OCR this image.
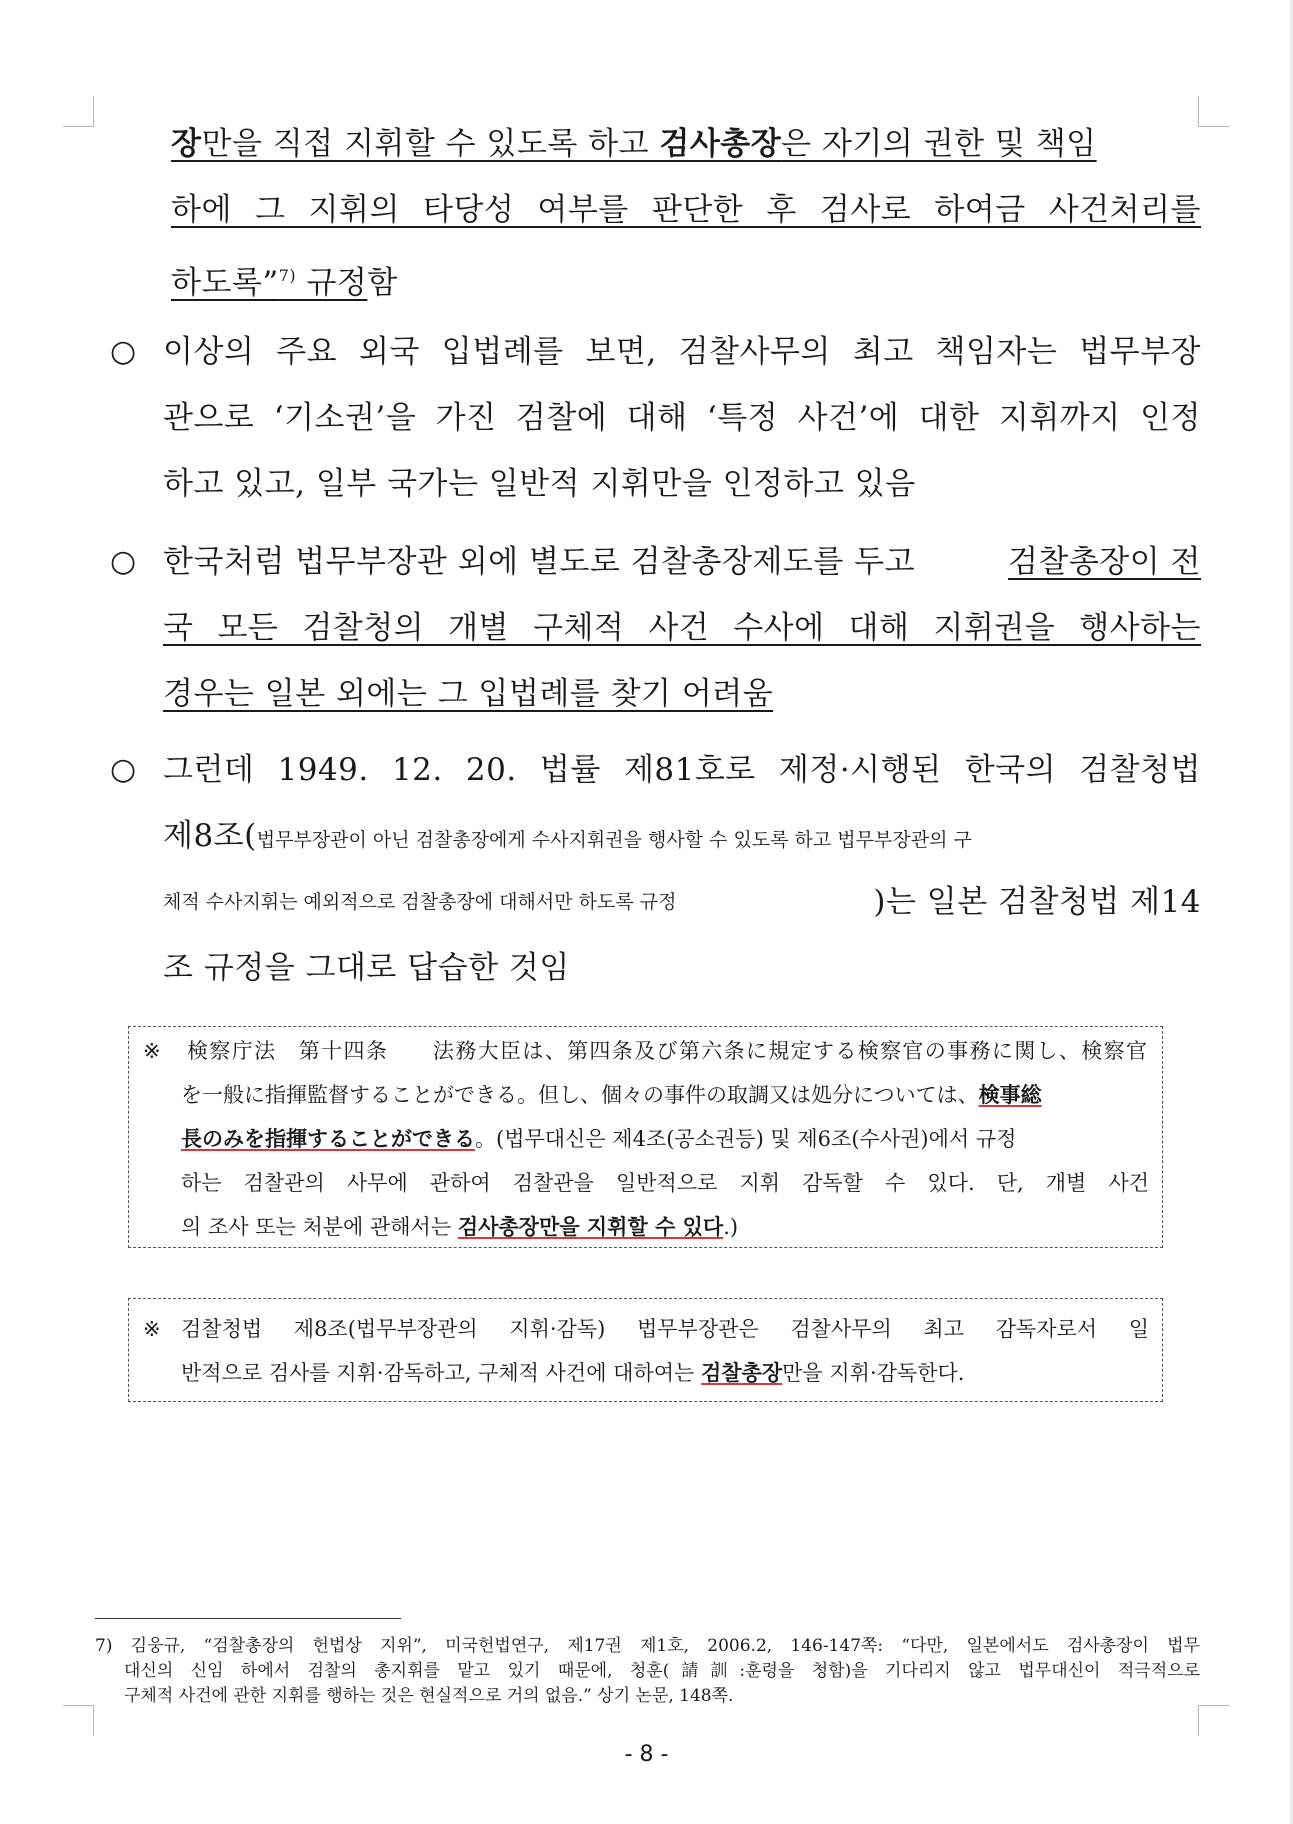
장만을 직접 지휘할 수 있도록 하고 검사총장은 자기의 권한 및 책임
하에 그 지휘의 타당성 여부를 판단한 후 검사로 하여금 사건처리를
하도록”$^{7)}$ 규정함
○ 이상의 주요 외국 입법례를 보면, 검찰사무의 최고 책임자는 법무부장
관으로 ‘기소권’을 가진 검찰에 대해 ‘특정 사건’에 대한 지휘까지 인정
하고 있고, 일부 국가는 일반적 지휘만을 인정하고 있음
○ 한국처럼 법무부장관 외에 별도로 검찰총장제도를 두고	검찰총장이 전
국 모든 검찰청의 개별 구체적 사건 수사에 대해 지휘권을 행사하는
경우는 일본 외에는 그 입법례를 찾기 어려움
○ 그런데 1949. 12. 20. 법률 제81호로 제정·시행된 한국의 검찰청법
제8조(법무부장관이 아닌 검찰총장에게 수사지휘권을 행사할 수 있도록 하고 법무부장관의 구
체적 수사지휘는 예외적으로 검찰총장에 대해서만 하도록 규정	)는 일본 검찰청법 제14
조 규정을 그대로 답습한 것임
※ 検察庁法　第十四条　　法務大臣は、第四条及び第六条に規定する検察官の事務に関し、検察官
を一般に指揮監督することができる。但し、個々の事件の取調又は処分については、検事総
長のみを指揮することができる。(법무대신은 제4조(공소권등) 및 제6조(수사권)에서 규정
하는 검찰관의 사무에 관하여 검찰관을 일반적으로 지휘 감독할 수 있다. 단, 개별 사건
의 조사 또는 처분에 관해서는 검사총장만을 지휘할 수 있다.)
※ 검찰청법 제8조(법무부장관의 지휘·감독) 법무부장관은 검찰사무의 최고 감독자로서 일
반적으로 검사를 지휘·감독하고, 구체적 사건에 대하여는 검찰총장만을 지휘·감독한다.
7) 김웅규, “검찰총장의 헌법상 지위”, 미국헌법연구, 제17권 제1호, 2006.2, 146-147쪽: “다만, 일본에서도 검사총장이 법무
대신의 신임 하에서 검찰의 총지휘를 맡고 있기 때문에, 청훈(請訓:훈령을 청함)을 기다리지 않고 법무대신이 적극적으로
구체적 사건에 관한 지휘를 행하는 것은 현실적으로 거의 없음.” 상기 논문, 148쪽.
- 8 -
